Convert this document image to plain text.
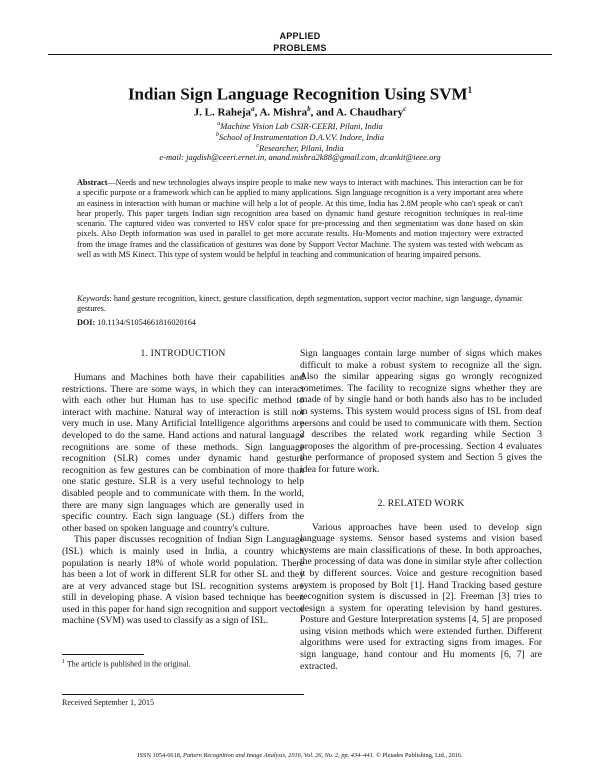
APPLIED
PROBLEMS
Indian Sign Language Recognition Using SVM$^1$
J. L. Raheja$^a$, A. Mishra$^b$, and A. Chaudhary$^c$
$^a$Machine Vision Lab CSIR-CEERI, Pilani, India
$^b$School of Instrumentation D.A.V.V. Indore, India
$^c$Researcher, Pilani, India
e-mail: jagdish@ceeri.ernet.in, anand.mishra2k88@gmail.com, dr.ankit@ieee.org

Abstract—Needs and new technologies always inspire people to make new ways to interact with machines. This interaction can be for a specific purpose or a framework which can be applied to many applications. Sign language recognition is a very important area where an easiness in interaction with human or machine will help a lot of people. At this time, India has 2.8M people who can't speak or can't hear properly. This paper targets Indian sign recognition area based on dynamic hand gesture recognition techniques in real-time scenario. The captured video was converted to HSV color space for pre-processing and then segmentation was done based on skin pixels. Also Depth information was used in parallel to get more accurate results. Hu-Moments and motion trajectory were extracted from the image frames and the classification of gestures was done by Support Vector Machine. The system was tested with webcam as well as with MS Kinect. This type of system would be helpful in teaching and communication of hearing impaired persons.

Keywords: hand gesture recognition, kinect, gesture classification, depth segmentation, support vector machine, sign language, dynamic gestures.

DOI: 10.1134/S1054661816020164
1. INTRODUCTION

Humans and Machines both have their capabilities and restrictions. There are some ways, in which they can interact with each other but Human has to use specific method to interact with machine. Natural way of interaction is still not very much in use. Many Artificial Intelligence algorithms are developed to do the same. Hand actions and natural language recognitions are some of these methods. Sign language recognition (SLR) comes under dynamic hand gesture recognition as few gestures can be combination of more than one static gesture. SLR is a very useful technology to help disabled people and to communicate with them. In the world, there are many sign languages which are generally used in specific country. Each sign language (SL) differs from the other based on spoken language and country's culture.

This paper discusses recognition of Indian Sign Language (ISL) which is mainly used in India, a country which population is nearly 18% of whole world population. There has been a lot of work in different SLR for other SL and they are at very advanced stage but ISL recognition systems are still in developing phase. A vision based technique has been used in this paper for hand sign recognition and support vector machine (SVM) was used to classify as a sign of ISL.

Sign languages contain large number of signs which makes difficult to make a robust system to recognize all the sign. Also the similar appearing signs go wrongly recognized sometimes. The facility to recognize signs whether they are made of by single hand or both hands also has to be included in systems. This system would process signs of ISL from deaf persons and could be used to communicate with them. Section 2 describes the related work regarding while Section 3 proposes the algorithm of pre-processing. Section 4 evaluates the performance of proposed system and Section 5 gives the idea for future work.

2. RELATED WORK

Various approaches have been used to develop sign language systems. Sensor based systems and vision based systems are main classifications of these. In both approaches, the processing of data was done in similar style after collection it by different sources. Voice and gesture recognition based system is proposed by Bolt [1]. Hand Tracking based gesture recognition system is discussed in [2]. Freeman [3] tries to design a system for operating television by hand gestures. Posture and Gesture Interpretation systems [4, 5] are proposed using vision methods which were extended further. Different algorithms were used for extracting signs from images. For sign language, hand contour and Hu moments [6, 7] are extracted.

$^1$ The article is published in the original.
Received September 1, 2015
ISSN 1054-6618, Pattern Recognition and Image Analysis, 2016, Vol. 26, No. 2, pp. 434–441. © Pleiades Publishing, Ltd., 2016.
